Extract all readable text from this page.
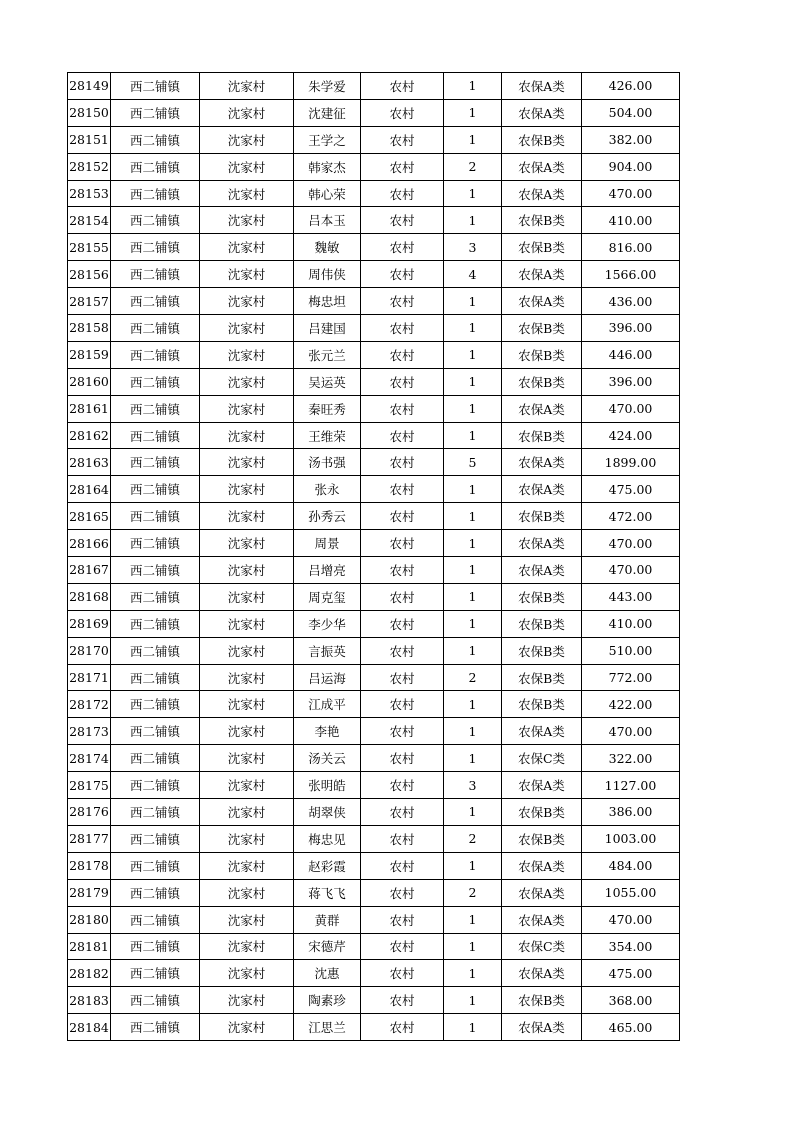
28149	西二铺镇	沈家村	朱学爱	农村	1	农保A类	426.00
28150	西二铺镇	沈家村	沈建征	农村	1	农保A类	504.00
28151	西二铺镇	沈家村	王学之	农村	1	农保B类	382.00
28152	西二铺镇	沈家村	韩家杰	农村	2	农保A类	904.00
28153	西二铺镇	沈家村	韩心荣	农村	1	农保A类	470.00
28154	西二铺镇	沈家村	吕本玉	农村	1	农保B类	410.00
28155	西二铺镇	沈家村	魏敏	农村	3	农保B类	816.00
28156	西二铺镇	沈家村	周伟侠	农村	4	农保A类	1566.00
28157	西二铺镇	沈家村	梅忠坦	农村	1	农保A类	436.00
28158	西二铺镇	沈家村	吕建国	农村	1	农保B类	396.00
28159	西二铺镇	沈家村	张元兰	农村	1	农保B类	446.00
28160	西二铺镇	沈家村	吴运英	农村	1	农保B类	396.00
28161	西二铺镇	沈家村	秦旺秀	农村	1	农保A类	470.00
28162	西二铺镇	沈家村	王维荣	农村	1	农保B类	424.00
28163	西二铺镇	沈家村	汤书强	农村	5	农保A类	1899.00
28164	西二铺镇	沈家村	张永	农村	1	农保A类	475.00
28165	西二铺镇	沈家村	孙秀云	农村	1	农保B类	472.00
28166	西二铺镇	沈家村	周景	农村	1	农保A类	470.00
28167	西二铺镇	沈家村	吕增亮	农村	1	农保A类	470.00
28168	西二铺镇	沈家村	周克玺	农村	1	农保B类	443.00
28169	西二铺镇	沈家村	李少华	农村	1	农保B类	410.00
28170	西二铺镇	沈家村	言振英	农村	1	农保B类	510.00
28171	西二铺镇	沈家村	吕运海	农村	2	农保B类	772.00
28172	西二铺镇	沈家村	江成平	农村	1	农保B类	422.00
28173	西二铺镇	沈家村	李艳	农村	1	农保A类	470.00
28174	西二铺镇	沈家村	汤关云	农村	1	农保C类	322.00
28175	西二铺镇	沈家村	张明皓	农村	3	农保A类	1127.00
28176	西二铺镇	沈家村	胡翠侠	农村	1	农保B类	386.00
28177	西二铺镇	沈家村	梅忠见	农村	2	农保B类	1003.00
28178	西二铺镇	沈家村	赵彩霞	农村	1	农保A类	484.00
28179	西二铺镇	沈家村	蒋飞飞	农村	2	农保A类	1055.00
28180	西二铺镇	沈家村	黄群	农村	1	农保A类	470.00
28181	西二铺镇	沈家村	宋德芹	农村	1	农保C类	354.00
28182	西二铺镇	沈家村	沈惠	农村	1	农保A类	475.00
28183	西二铺镇	沈家村	陶素珍	农村	1	农保B类	368.00
28184	西二铺镇	沈家村	江思兰	农村	1	农保A类	465.00
